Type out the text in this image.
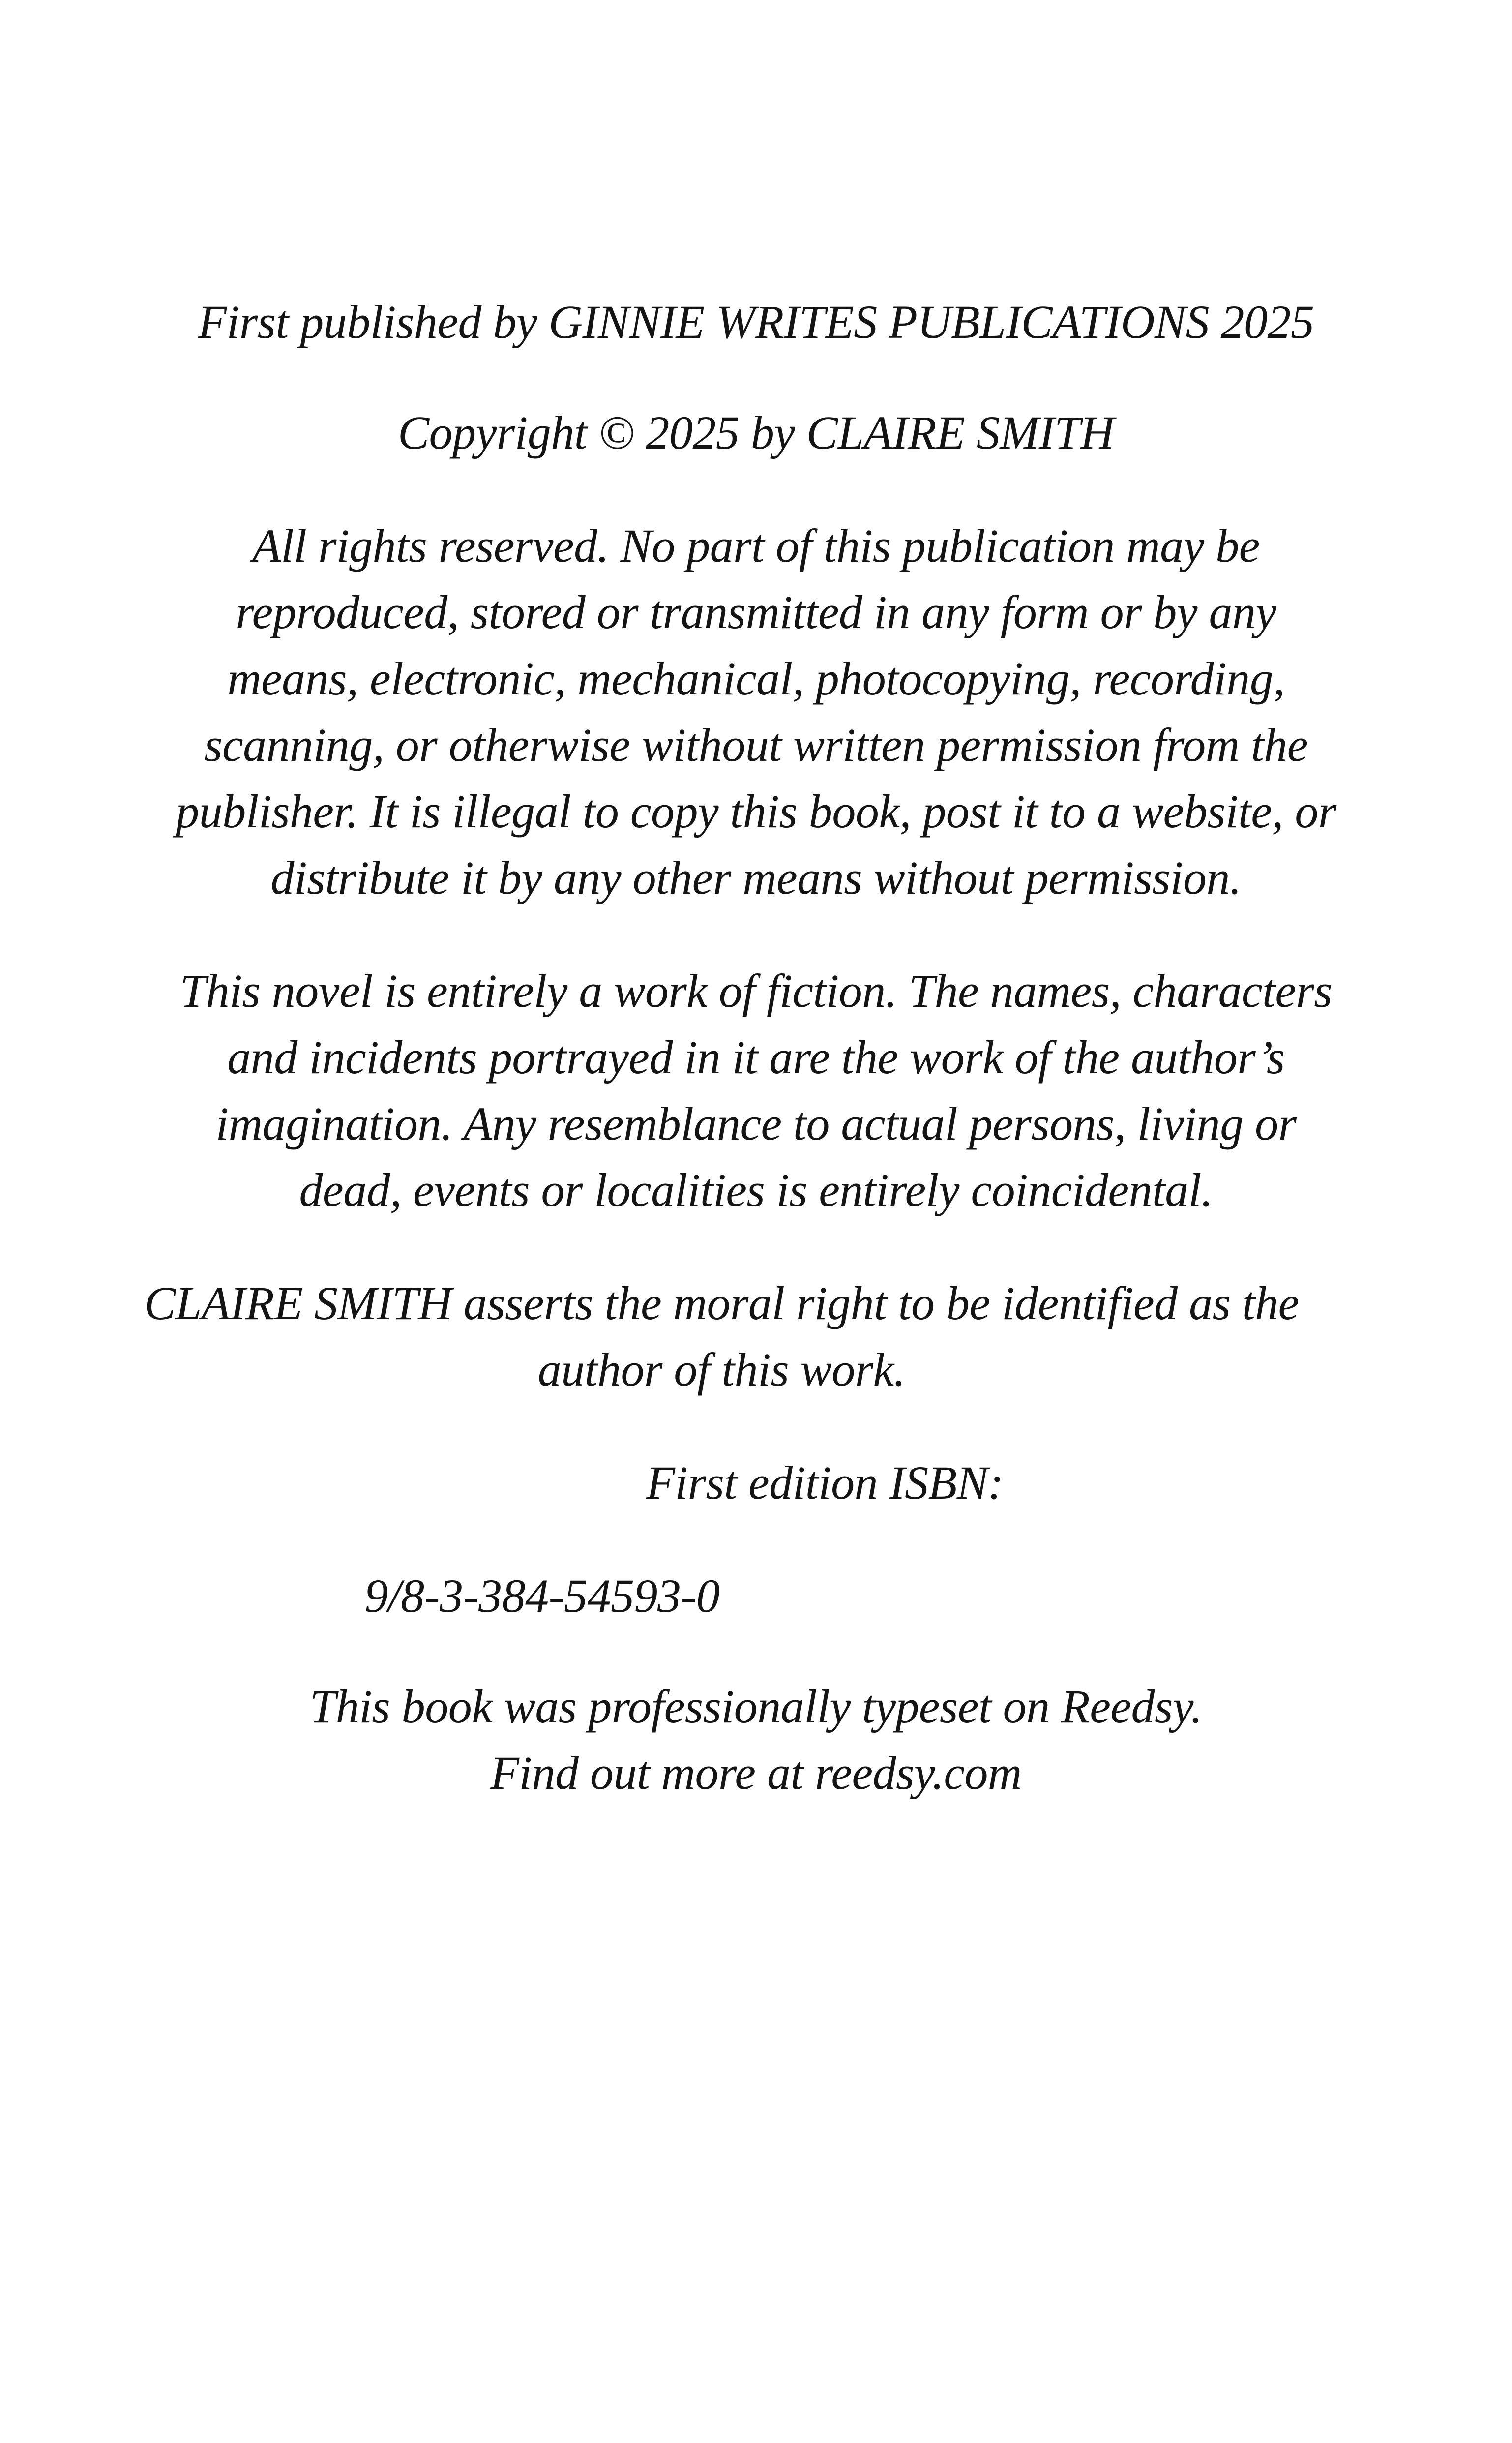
First published by GINNIE WRITES PUBLICATIONS 2025

Copyright © 2025 by CLAIRE SMITH

All rights reserved. No part of this publication may be

reproduced, stored or transmitted in any form or by any

means, electronic, mechanical, photocopying, recording,

scanning, or otherwise without written permission from the

publisher. It is illegal to copy this book, post it to a website, or

distribute it by any other means without permission.

This novel is entirely a work of fiction. The names, characters

and incidents portrayed in it are the work of the author’s

imagination. Any resemblance to actual persons, living or

dead, events or localities is entirely coincidental.

CLAIRE SMITH asserts the moral right to be identified as the

author of this work.

First edition ISBN:

9/8-3-384-54593-0

This book was professionally typeset on Reedsy.

Find out more at reedsy.com
